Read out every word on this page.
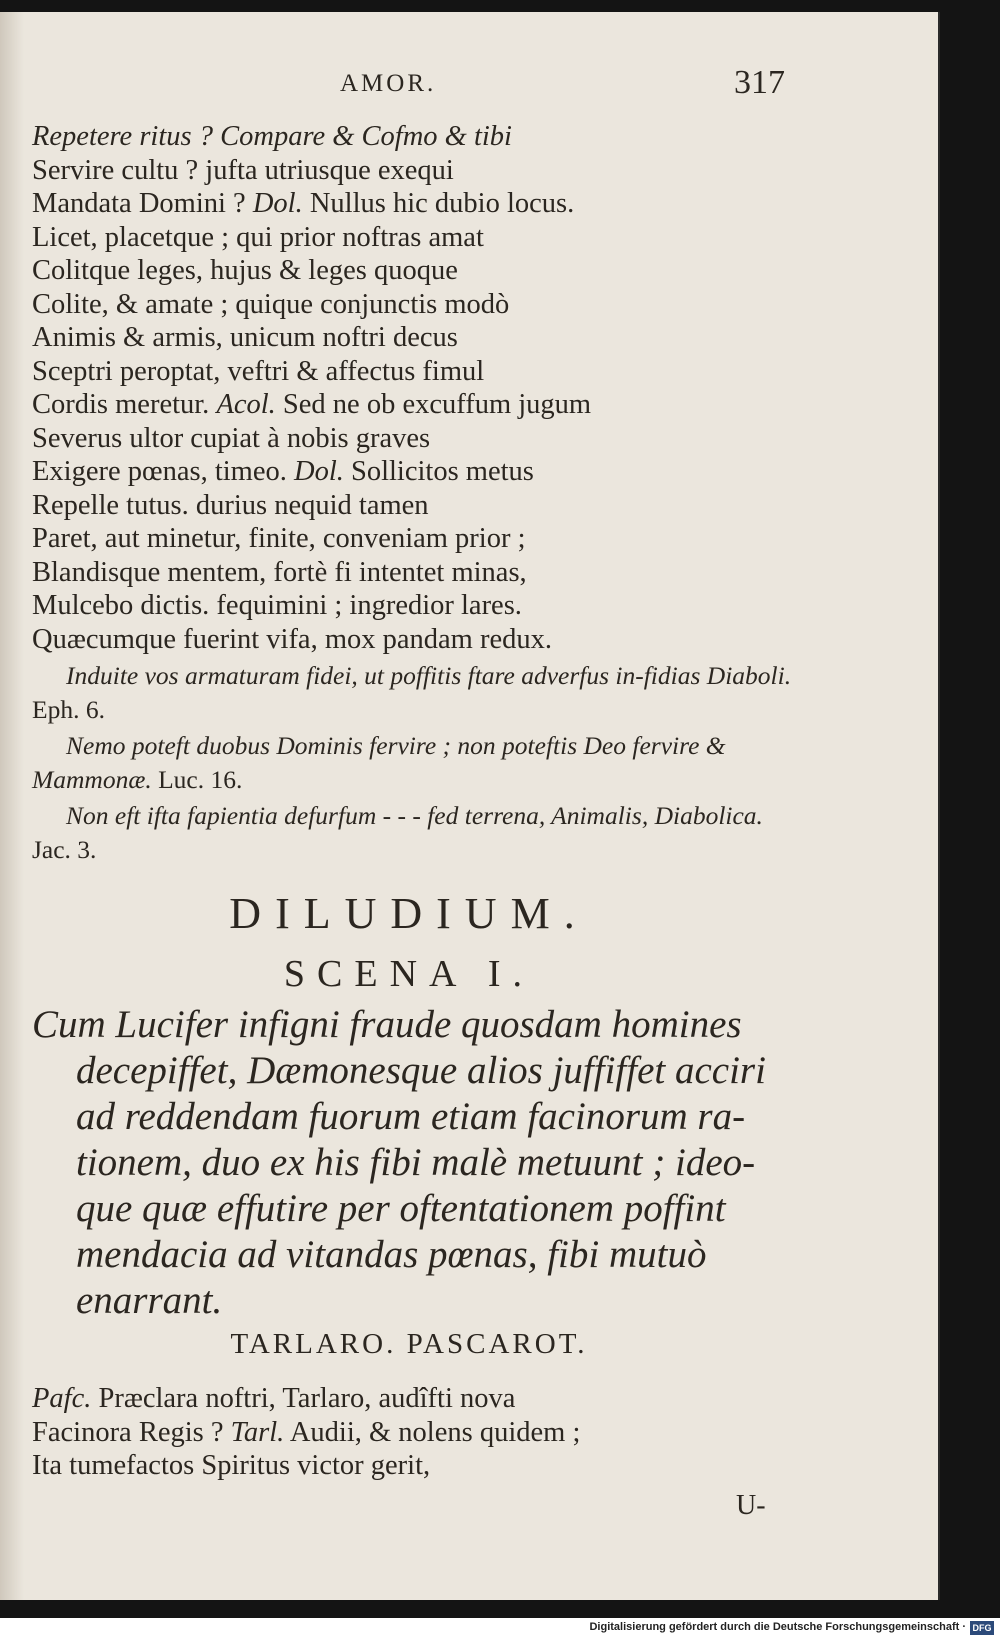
AMOR.	317
Repetere ritus ? Compare & Cofmo & tibi
Servire cultu ? jufta utriusque exequi
Mandata Domini ? Dol. Nullus hic dubio locus.
Licet, placetque ; qui prior noftras amat
Colitque leges, hujus & leges quoque
Colite, & amate ; quique conjunctis modò
Animis & armis, unicum noftri decus
Sceptri peroptat, veftri & affectus fimul
Cordis meretur. Acol. Sed ne ob excuffum jugum
Severus ultor cupiat à nobis graves
Exigere pœnas, timeo. Dol. Sollicitos metus
Repelle tutus. durius nequid tamen
Paret, aut minetur, finite, conveniam prior ;
Blandisque mentem, fortè fi intentet minas,
Mulcebo dictis. fequimini ; ingredior lares.
Quæcumque fuerint vifa, mox pandam redux.

Induite vos armaturam fidei, ut poffitis ftare adverfus in-fidias Diaboli. Eph. 6.

Nemo poteft duobus Dominis fervire ; non poteftis Deo fervire & Mammonæ. Luc. 16.

Non eft ifta fapientia defurfum - - - fed terrena, Animalis, Diabolica. Jac. 3.

DILUDIUM.
SCENA I.
Cum Lucifer infigni fraude quosdam homines
decepiffet, Dæmonesque alios juffiffet acciri
ad reddendam fuorum etiam facinorum ra-
tionem, duo ex his fibi malè metuunt ; ideo-
que quæ effutire per oftentationem poffint
mendacia ad vitandas pœnas, fibi mutuò
enarrant.
TARLARO. PASCAROT.
Pafc. Præclara noftri, Tarlaro, audîfti nova
Facinora Regis ? Tarl. Audii, & nolens quidem ;
Ita tumefactos Spiritus victor gerit,
U-
Digitalisierung gefördert durch die Deutsche Forschungsgemeinschaft · DFG
